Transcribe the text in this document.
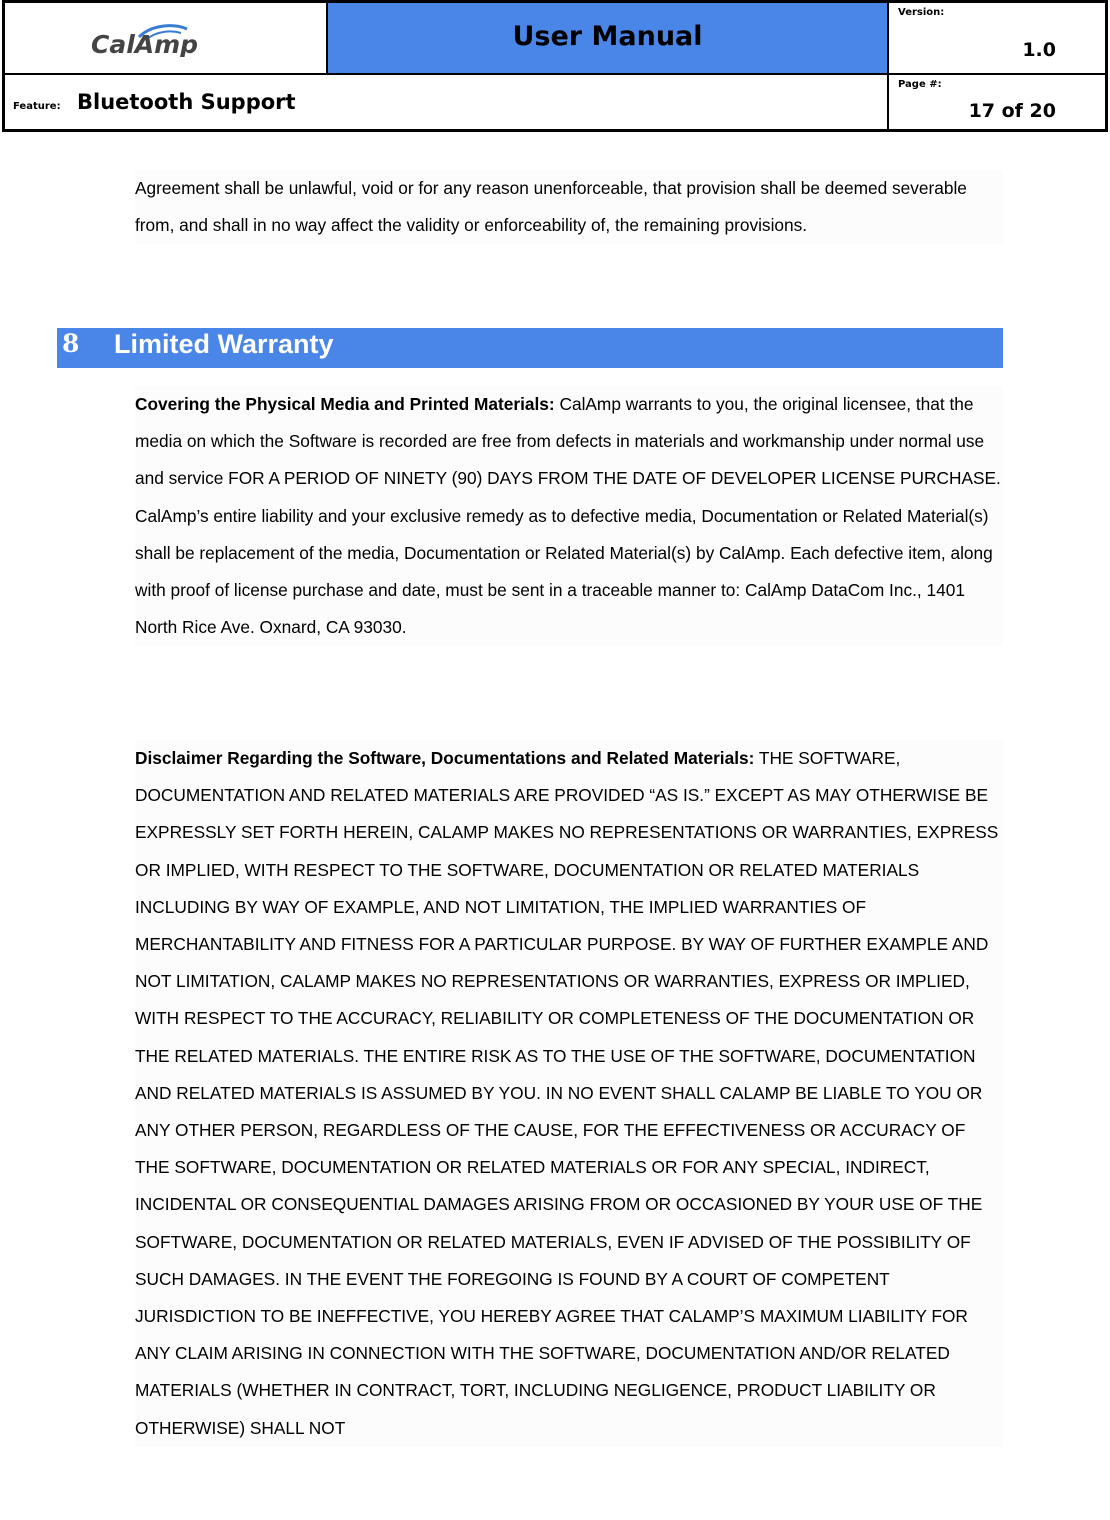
CalAmp	User Manual
Version:
1.0
Feature: Bluetooth Support
Page #:
17 of 20
Agreement shall be unlawful, void or for any reason unenforceable, that provision shall be deemed severable from, and shall in no way affect the validity or enforceability of, the remaining provisions.
8 Limited Warranty
Covering the Physical Media and Printed Materials: CalAmp warrants to you, the original licensee, that the media on which the Software is recorded are free from defects in materials and workmanship under normal use and service FOR A PERIOD OF NINETY (90) DAYS FROM THE DATE OF DEVELOPER LICENSE PURCHASE. CalAmp’s entire liability and your exclusive remedy as to defective media, Documentation or Related Material(s) shall be replacement of the media, Documentation or Related Material(s) by CalAmp. Each defective item, along with proof of license purchase and date, must be sent in a traceable manner to: CalAmp DataCom Inc., 1401 North Rice Ave. Oxnard, CA 93030.
Disclaimer Regarding the Software, Documentations and Related Materials: THE SOFTWARE, DOCUMENTATION AND RELATED MATERIALS ARE PROVIDED “AS IS.” EXCEPT AS MAY OTHERWISE BE EXPRESSLY SET FORTH HEREIN, CALAMP MAKES NO REPRESENTATIONS OR WARRANTIES, EXPRESS OR IMPLIED, WITH RESPECT TO THE SOFTWARE, DOCUMENTATION OR RELATED MATERIALS INCLUDING BY WAY OF EXAMPLE, AND NOT LIMITATION, THE IMPLIED WARRANTIES OF MERCHANTABILITY AND FITNESS FOR A PARTICULAR PURPOSE. BY WAY OF FURTHER EXAMPLE AND NOT LIMITATION, CALAMP MAKES NO REPRESENTATIONS OR WARRANTIES, EXPRESS OR IMPLIED, WITH RESPECT TO THE ACCURACY, RELIABILITY OR COMPLETENESS OF THE DOCUMENTATION OR THE RELATED MATERIALS. THE ENTIRE RISK AS TO THE USE OF THE SOFTWARE, DOCUMENTATION AND RELATED MATERIALS IS ASSUMED BY YOU. IN NO EVENT SHALL CALAMP BE LIABLE TO YOU OR ANY OTHER PERSON, REGARDLESS OF THE CAUSE, FOR THE EFFECTIVENESS OR ACCURACY OF THE SOFTWARE, DOCUMENTATION OR RELATED MATERIALS OR FOR ANY SPECIAL, INDIRECT, INCIDENTAL OR CONSEQUENTIAL DAMAGES ARISING FROM OR OCCASIONED BY YOUR USE OF THE SOFTWARE, DOCUMENTATION OR RELATED MATERIALS, EVEN IF ADVISED OF THE POSSIBILITY OF SUCH DAMAGES. IN THE EVENT THE FOREGOING IS FOUND BY A COURT OF COMPETENT JURISDICTION TO BE INEFFECTIVE, YOU HEREBY AGREE THAT CALAMP’S MAXIMUM LIABILITY FOR ANY CLAIM ARISING IN CONNECTION WITH THE SOFTWARE, DOCUMENTATION AND/OR RELATED MATERIALS (WHETHER IN CONTRACT, TORT, INCLUDING NEGLIGENCE, PRODUCT LIABILITY OR OTHERWISE) SHALL NOT
